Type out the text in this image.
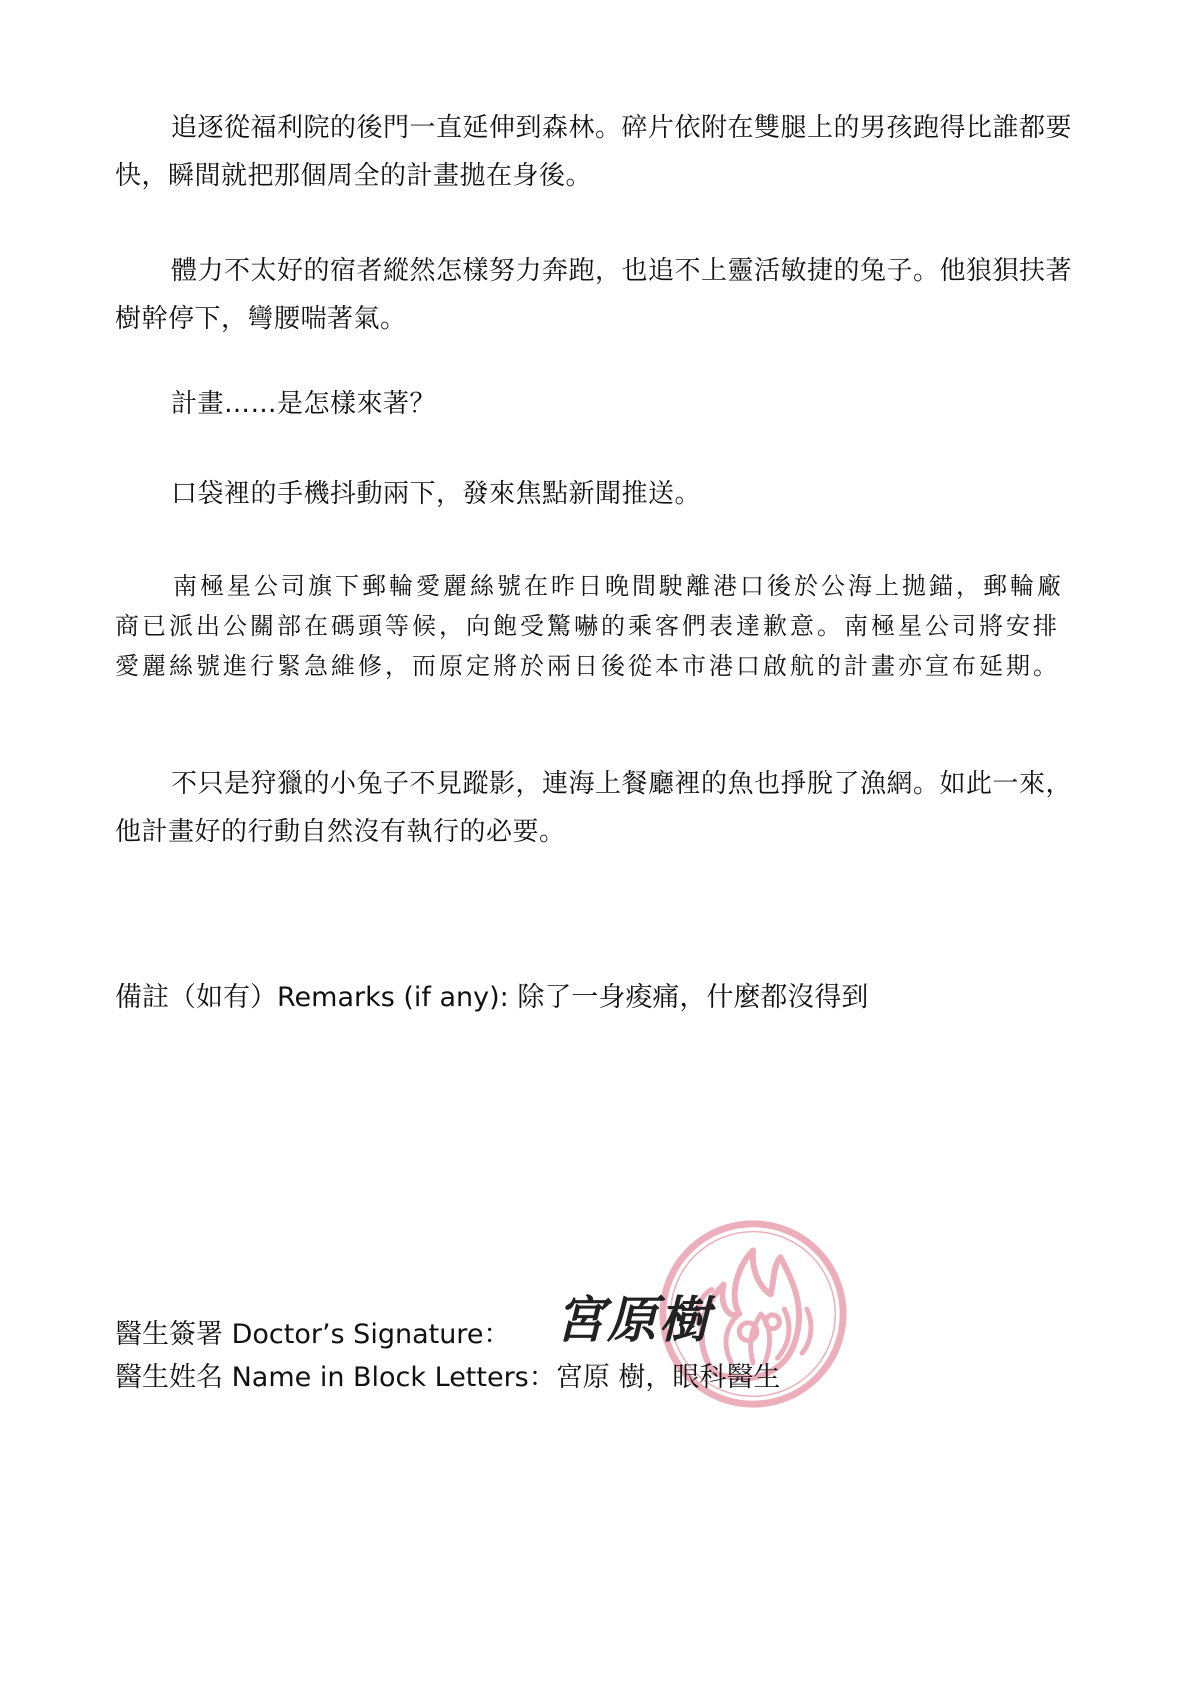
追逐從福利院的後門一直延伸到森林。碎片依附在雙腿上的男孩跑得比誰都要快，瞬間就把那個周全的計畫拋在身後。

體力不太好的宿者縱然怎樣努力奔跑，也追不上靈活敏捷的兔子。他狼狽扶著樹幹停下，彎腰喘著氣。

計畫……是怎樣來著？

口袋裡的手機抖動兩下，發來焦點新聞推送。

南極星公司旗下郵輪愛麗絲號在昨日晚間駛離港口後於公海上拋錨，郵輪廠商已派出公關部在碼頭等候，向飽受驚嚇的乘客們表達歉意。南極星公司將安排愛麗絲號進行緊急維修，而原定將於兩日後從本市港口啟航的計畫亦宣布延期。

不只是狩獵的小兔子不見蹤影，連海上餐廳裡的魚也掙脫了漁網。如此一來，他計畫好的行動自然沒有執行的必要。

備註（如有）Remarks (if any): 除了一身痠痛，什麼都沒得到
醫生簽署 Doctor’s Signature： 宮原樹
醫生姓名 Name in Block Letters：宮原 樹，眼科醫生
